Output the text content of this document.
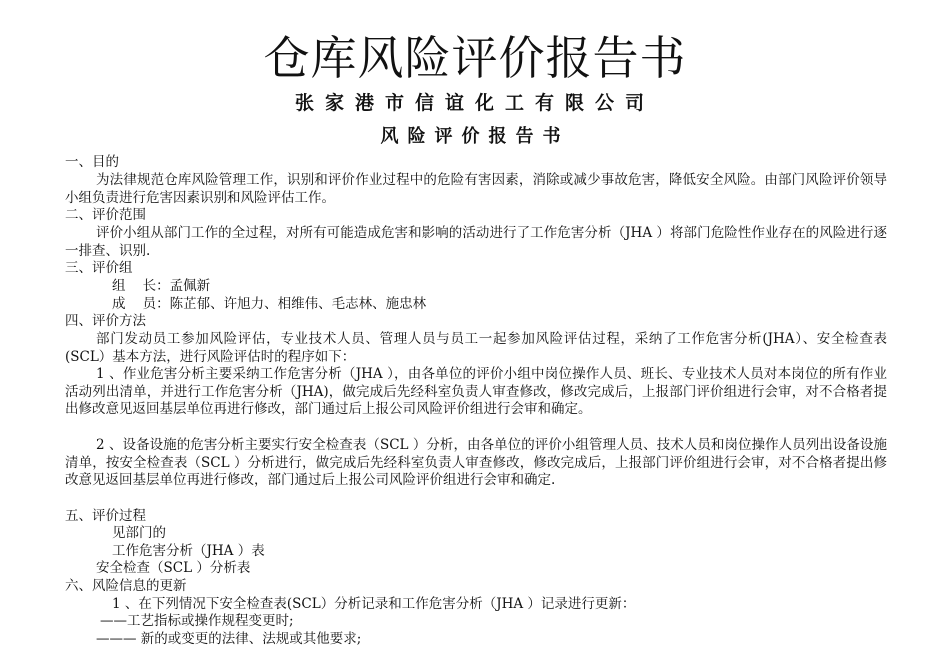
仓库风险评价报告书
张家港市信谊化工有限公司
风险评价报告书
一、目的
为法律规范仓库风险管理工作，识别和评价作业过程中的危险有害因素，消除或减少事故危害，降低安全风险。由部门风险评价领导小组负责进行危害因素识别和风险评估工作。
二、评价范围
评价小组从部门工作的全过程，对所有可能造成危害和影响的活动进行了工作危害分析（JHA ）将部门危险性作业存在的风险进行逐一排查、识别.
三、评价组
组    长：孟佩新
成    员：陈芷郁、许旭力、相维伟、毛志林、施忠林
四、评价方法
部门发动员工参加风险评估，专业技术人员、管理人员与员工一起参加风险评估过程，采纳了工作危害分析(JHA）、安全检查表(SCL）基本方法，进行风险评估时的程序如下：
1 、作业危害分析主要采纳工作危害分析（JHA ），由各单位的评价小组中岗位操作人员、班长、专业技术人员对本岗位的所有作业活动列出清单，并进行工作危害分析（JHA)，做完成后先经科室负责人审查修改，修改完成后，上报部门评价组进行会审，对不合格者提出修改意见返回基层单位再进行修改，部门通过后上报公司风险评价组进行会审和确定。
2 、设备设施的危害分析主要实行安全检查表（SCL ）分析，由各单位的评价小组管理人员、技术人员和岗位操作人员列出设备设施清单，按安全检查表（SCL ）分析进行，做完成后先经科室负责人审查修改，修改完成后，上报部门评价组进行会审，对不合格者提出修改意见返回基层单位再进行修改，部门通过后上报公司风险评价组进行会审和确定.
五、评价过程
见部门的
工作危害分析（JHA ）表
安全检查（SCL ）分析表
六、风险信息的更新
1 、在下列情况下安全检查表(SCL）分析记录和工作危害分析（JHA ）记录进行更新：
——工艺指标或操作规程变更时;
——— 新的或变更的法律、法规或其他要求;
